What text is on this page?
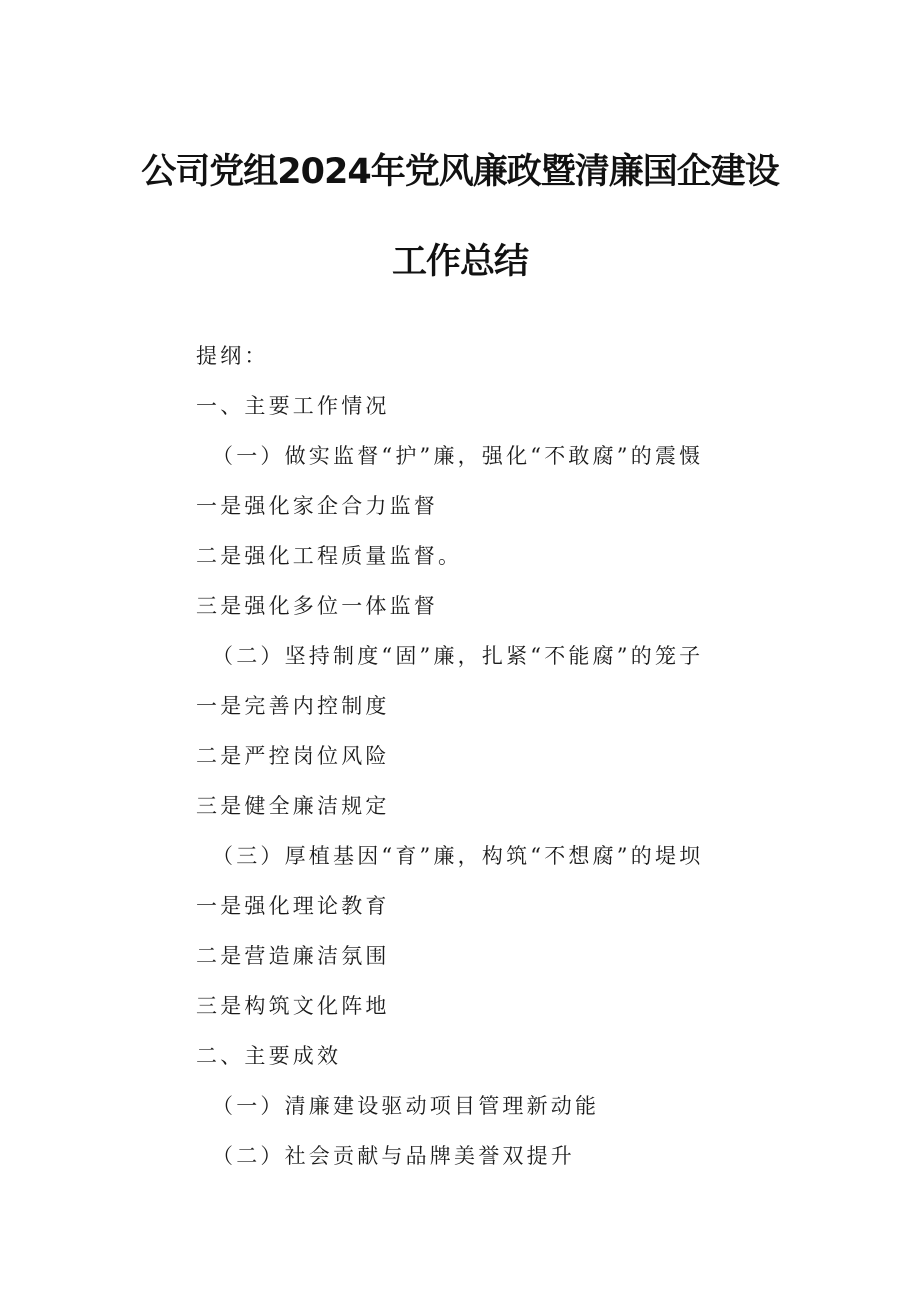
公司党组2024年党风廉政暨清廉国企建设
工作总结
提纲：
一、主要工作情况
（一）做实监督“护”廉，强化“不敢腐”的震慑
一是强化家企合力监督
二是强化工程质量监督。
三是强化多位一体监督
（二）坚持制度“固”廉，扎紧“不能腐”的笼子
一是完善内控制度
二是严控岗位风险
三是健全廉洁规定
（三）厚植基因“育”廉，构筑“不想腐”的堤坝
一是强化理论教育
二是营造廉洁氛围
三是构筑文化阵地
二、主要成效
（一）清廉建设驱动项目管理新动能
（二）社会贡献与品牌美誉双提升
